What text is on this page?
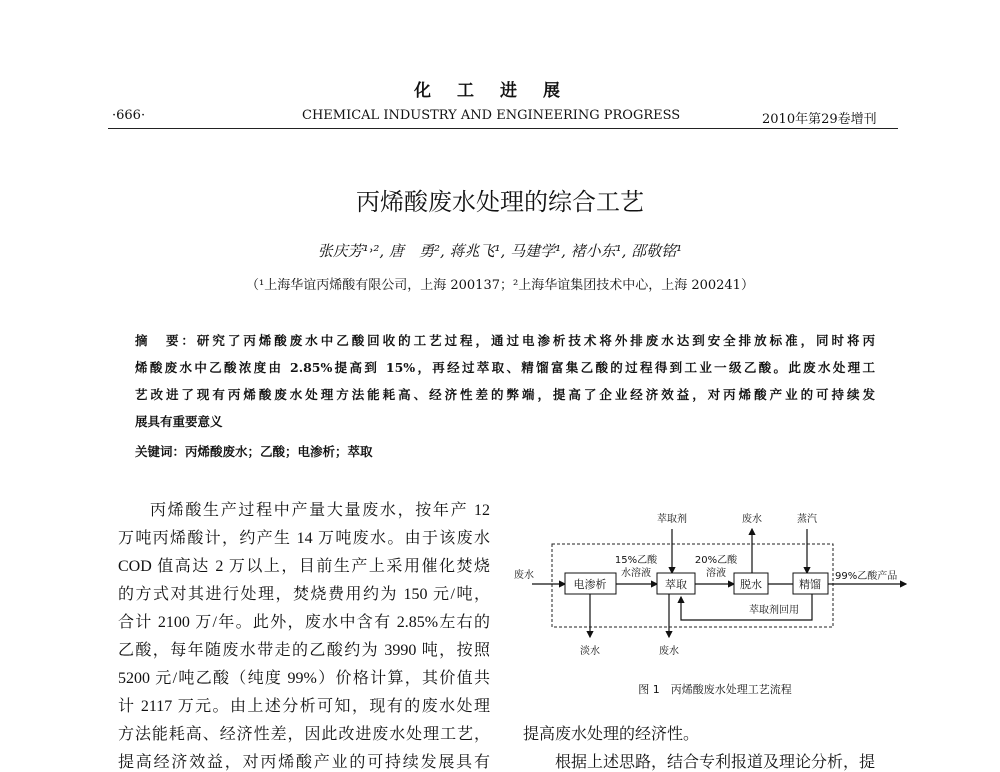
化工进展
·666·	CHEMICAL INDUSTRY AND ENGINEERING PROGRESS	2010年第29卷增刊
丙烯酸废水处理的综合工艺
张庆芳¹˒², 唐　勇², 蒋兆飞¹, 马建学¹, 褚小东¹, 邵敬铭¹
（¹上海华谊丙烯酸有限公司，上海 200137；²上海华谊集团技术中心，上海 200241）
摘　要：研究了丙烯酸废水中乙酸回收的工艺过程，通过电渗析技术将外排废水达到安全排放标准，同时将丙
烯酸废水中乙酸浓度由 2.85%提高到 15%，再经过萃取、精馏富集乙酸的过程得到工业一级乙酸。此废水处理工
艺改进了现有丙烯酸废水处理方法能耗高、经济性差的弊端，提高了企业经济效益，对丙烯酸产业的可持续发
展具有重要意义
关键词：丙烯酸废水；乙酸；电渗析；萃取
丙烯酸生产过程中产量大量废水，按年产 12
万吨丙烯酸计，约产生 14 万吨废水。由于该废水
COD 值高达 2 万以上，目前生产上采用催化焚烧
的方式对其进行处理，焚烧费用约为 150 元/吨，
合计 2100 万/年。此外，废水中含有 2.85%左右的
乙酸，每年随废水带走的乙酸约为 3990 吨，按照
5200 元/吨乙酸（纯度 99%）价格计算，其价值共
计 2117 万元。由上述分析可知，现有的废水处理
方法能耗高、经济性差，因此改进废水处理工艺，
提高经济效益，对丙烯酸产业的可持续发展具有
提高废水处理的经济性。
根据上述思路，结合专利报道及理论分析，提
电渗析	萃取	脱水	精馏
废水
萃取剂	废水	蒸汽
15%乙酸
水溶液
20%乙酸
溶液	99%乙酸产品
萃取剂回用
淡水	废水
图 1　丙烯酸废水处理工艺流程
